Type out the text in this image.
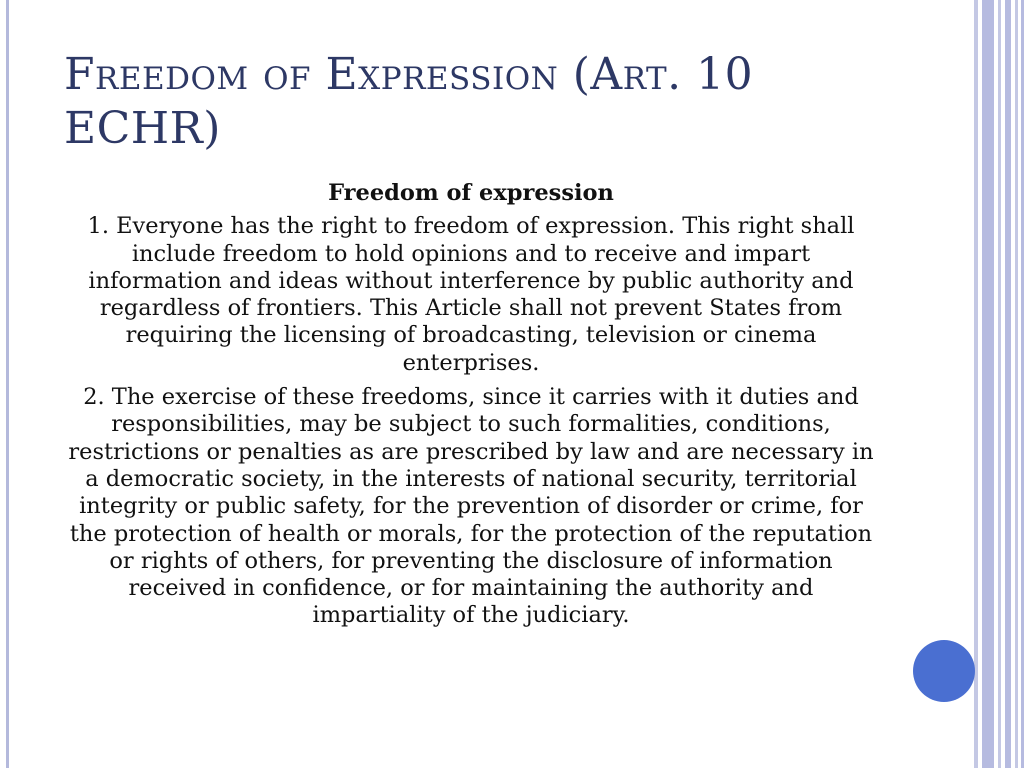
Freedom of Expression (Art. 10 ECHR)
Freedom of expression

1. Everyone has the right to freedom of expression. This right shall include freedom to hold opinions and to receive and impart information and ideas without interference by public authority and regardless of frontiers. This Article shall not prevent States from requiring the licensing of broadcasting, television or cinema enterprises.

2. The exercise of these freedoms, since it carries with it duties and responsibilities, may be subject to such formalities, conditions, restrictions or penalties as are prescribed by law and are necessary in a democratic society, in the interests of national security, territorial integrity or public safety, for the prevention of disorder or crime, for the protection of health or morals, for the protection of the reputation or rights of others, for preventing the disclosure of information received in confidence, or for maintaining the authority and impartiality of the judiciary.
